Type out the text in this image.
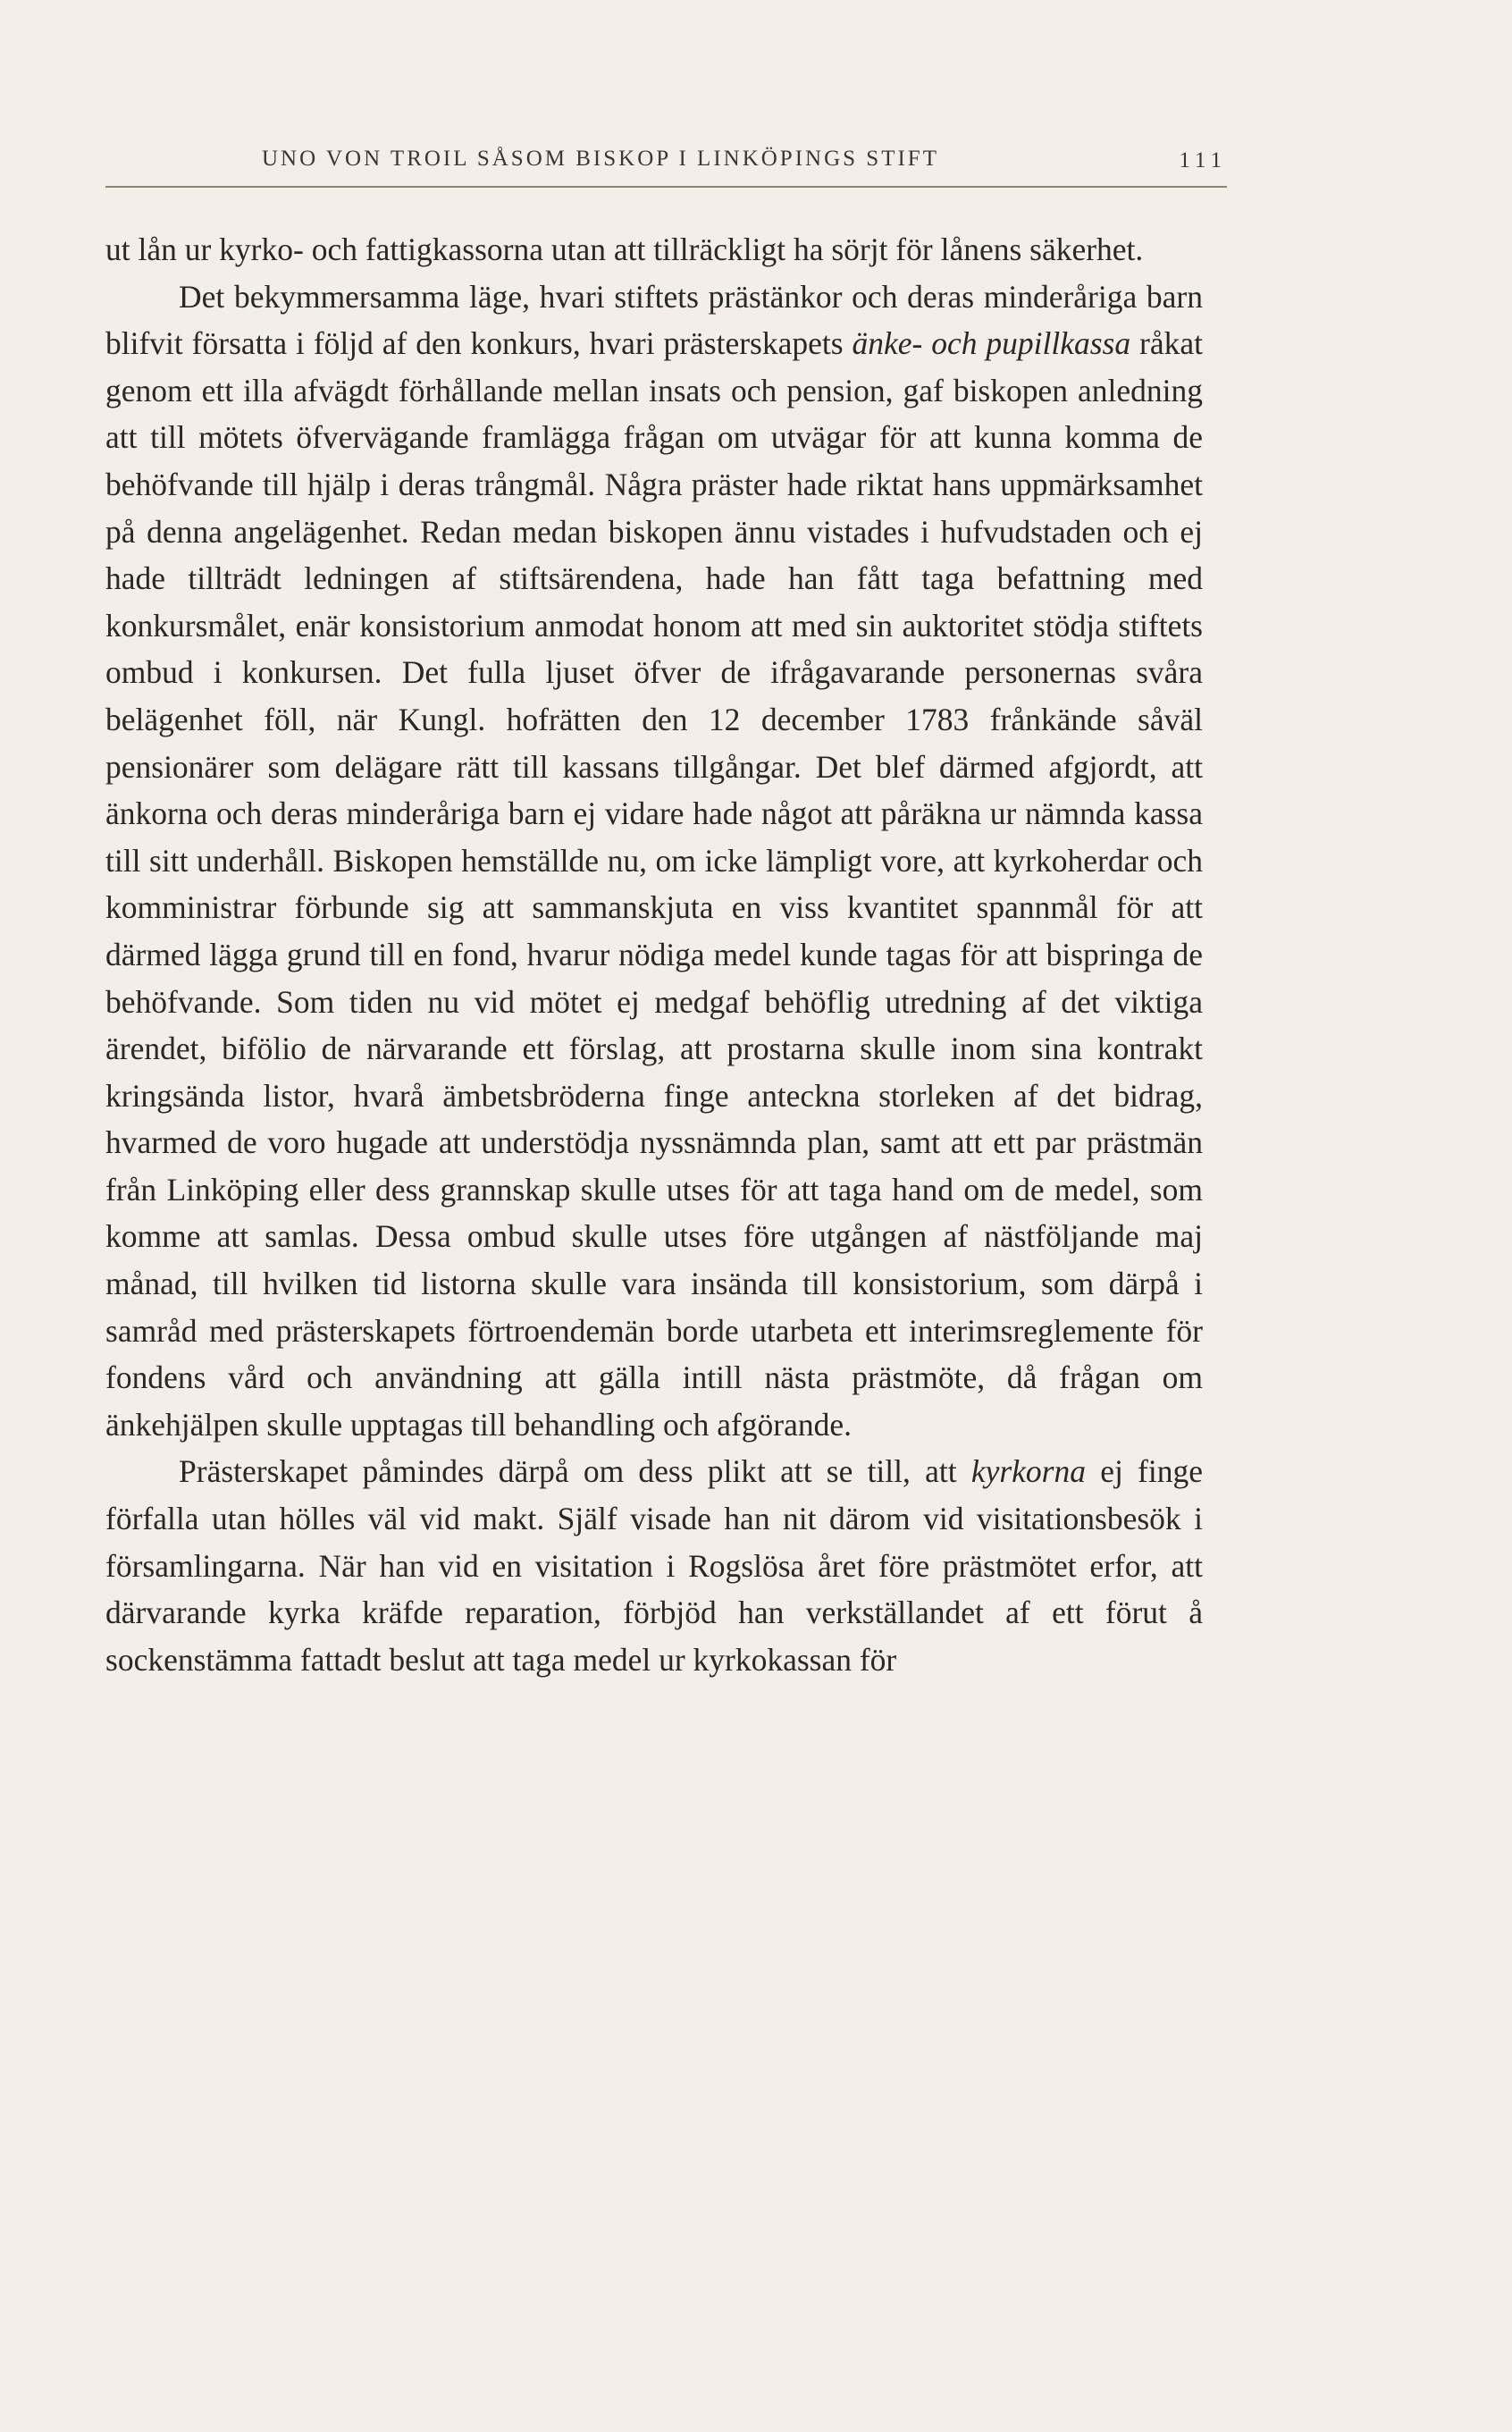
UNO VON TROIL SÅSOM BISKOP I LINKÖPINGS STIFT	111

ut lån ur kyrko- och fattigkassorna utan att tillräckligt ha sörjt för lånens säkerhet.

Det bekymmersamma läge, hvari stiftets prästänkor och deras minderåriga barn blifvit försatta i följd af den konkurs, hvari prästerskapets änke- och pupillkassa råkat genom ett illa afvägdt förhållande mellan insats och pension, gaf biskopen anledning att till mötets öfvervägande framlägga frågan om utvägar för att kunna komma de behöfvande till hjälp i deras trångmål. Några präster hade riktat hans uppmärksamhet på denna angelägenhet. Redan medan biskopen ännu vistades i hufvudstaden och ej hade tillträdt ledningen af stiftsärendena, hade han fått taga befattning med konkursmålet, enär konsistorium anmodat honom att med sin auktoritet stödja stiftets ombud i konkursen. Det fulla ljuset öfver de ifrågavarande personernas svåra belägenhet föll, när Kungl. hofrätten den 12 december 1783 frånkände såväl pensionärer som delägare rätt till kassans tillgångar. Det blef därmed afgjordt, att änkorna och deras minderåriga barn ej vidare hade något att påräkna ur nämnda kassa till sitt underhåll. Biskopen hemställde nu, om icke lämpligt vore, att kyrkoherdar och komministrar förbunde sig att sammanskjuta en viss kvantitet spannmål för att därmed lägga grund till en fond, hvarur nödiga medel kunde tagas för att bispringa de behöfvande. Som tiden nu vid mötet ej medgaf behöflig utredning af det viktiga ärendet, bifölio de närvarande ett förslag, att prostarna skulle inom sina kontrakt kringsända listor, hvarå ämbetsbröderna finge anteckna storleken af det bidrag, hvarmed de voro hugade att understödja nyssnämnda plan, samt att ett par prästmän från Linköping eller dess grannskap skulle utses för att taga hand om de medel, som komme att samlas. Dessa ombud skulle utses före utgången af nästföljande maj månad, till hvilken tid listorna skulle vara insända till konsistorium, som därpå i samråd med prästerskapets förtroendemän borde utarbeta ett interimsreglemente för fondens vård och användning att gälla intill nästa prästmöte, då frågan om änkehjälpen skulle upptagas till behandling och afgörande.

Prästerskapet påmindes därpå om dess plikt att se till, att kyrkorna ej finge förfalla utan hölles väl vid makt. Själf visade han nit därom vid visitationsbesök i församlingarna. När han vid en visitation i Rogslösa året före prästmötet erfor, att därvarande kyrka kräfde reparation, förbjöd han verkställandet af ett förut å sockenstämma fattadt beslut att taga medel ur kyrkokassan för
